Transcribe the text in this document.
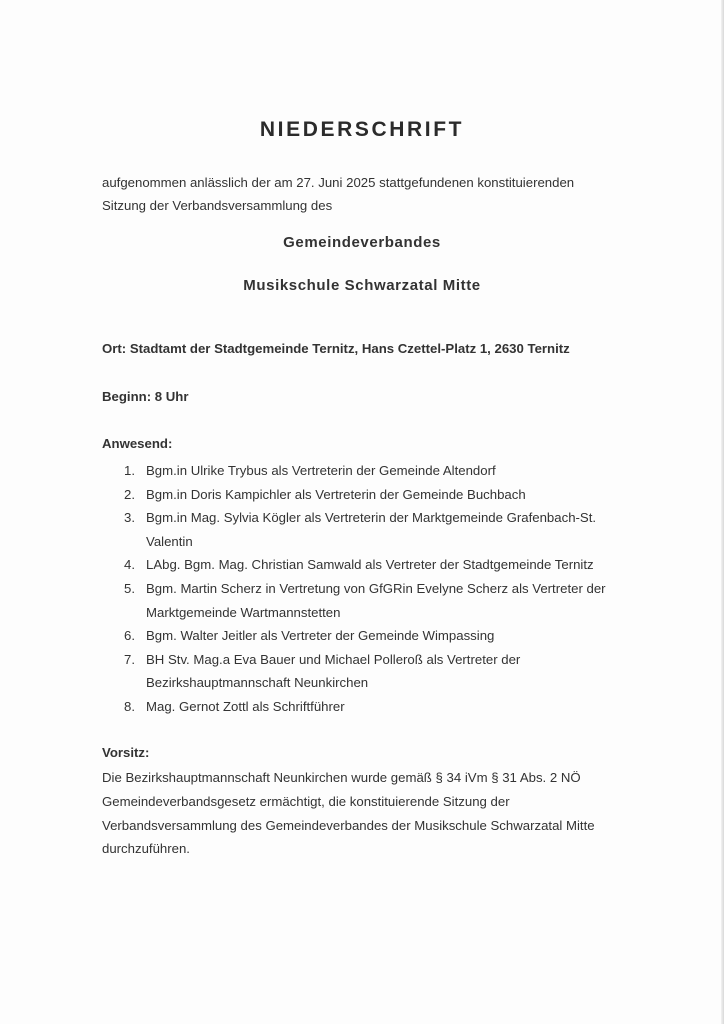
NIEDERSCHRIFT
aufgenommen anlässlich der am 27. Juni 2025 stattgefundenen konstituierenden
Sitzung der Verbandsversammlung des
Gemeindeverbandes
Musikschule Schwarzatal Mitte
Ort: Stadtamt der Stadtgemeinde Ternitz, Hans Czettel-Platz 1, 2630 Ternitz
Beginn: 8 Uhr
Anwesend:
1. Bgm.in Ulrike Trybus als Vertreterin der Gemeinde Altendorf
2. Bgm.in Doris Kampichler als Vertreterin der Gemeinde Buchbach
3. Bgm.in Mag. Sylvia Kögler als Vertreterin der Marktgemeinde Grafenbach-St.
Valentin
4. LAbg. Bgm. Mag. Christian Samwald als Vertreter der Stadtgemeinde Ternitz
5. Bgm. Martin Scherz in Vertretung von GfGRin Evelyne Scherz als Vertreter der
Marktgemeinde Wartmannstetten
6. Bgm. Walter Jeitler als Vertreter der Gemeinde Wimpassing
7. BH Stv. Mag.a Eva Bauer und Michael Polleroß als Vertreter der
Bezirkshauptmannschaft Neunkirchen
8. Mag. Gernot Zottl als Schriftführer
Vorsitz:
Die Bezirkshauptmannschaft Neunkirchen wurde gemäß § 34 iVm § 31 Abs. 2 NÖ
Gemeindeverbandsgesetz ermächtigt, die konstituierende Sitzung der
Verbandsversammlung des Gemeindeverbandes der Musikschule Schwarzatal Mitte
durchzuführen.
